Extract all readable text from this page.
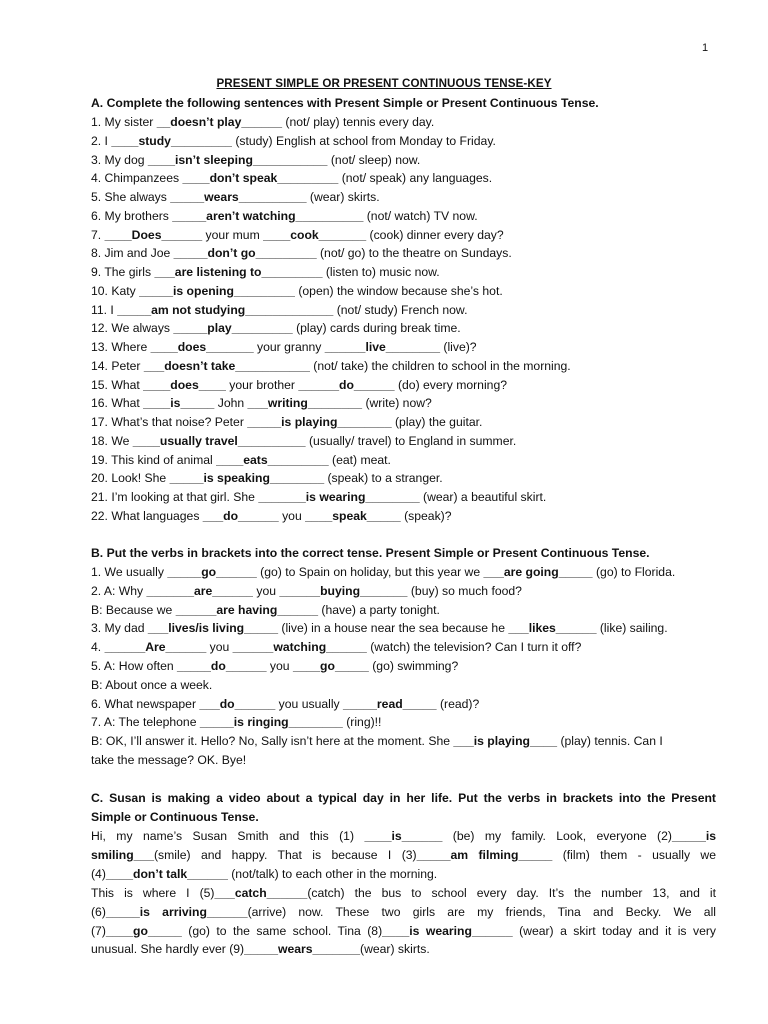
1
PRESENT SIMPLE OR PRESENT CONTINUOUS TENSE-KEY
A. Complete the following sentences with Present Simple or Present Continuous Tense.
1. My sister __doesn’t play______ (not/ play) tennis every day.
2. I ____study_________ (study) English at school from Monday to Friday.
3. My dog ____isn’t sleeping___________ (not/ sleep) now.
4. Chimpanzees ____don’t speak_________ (not/ speak) any languages.
5. She always _____wears__________ (wear) skirts.
6. My brothers _____aren’t watching__________ (not/ watch) TV now.
7. ____Does______ your mum ____cook_______ (cook) dinner every day?
8. Jim and Joe _____don’t go_________ (not/ go) to the theatre on Sundays.
9. The girls ___are listening to_________ (listen to) music now.
10. Katy _____is opening_________ (open) the window because she’s hot.
11. I _____am not studying_____________ (not/ study) French now.
12. We always _____play_________ (play) cards during break time.
13. Where ____does_______ your granny ______live________ (live)?
14. Peter ___doesn’t take___________ (not/ take) the children to school in the morning.
15. What ____does____ your brother ______do______ (do) every morning?
16. What ____is_____ John ___writing________ (write) now?
17. What’s that noise? Peter _____is playing________ (play) the guitar.
18. We ____usually travel__________ (usually/ travel) to England in summer.
19. This kind of animal ____eats_________ (eat) meat.
20. Look! She _____is speaking________ (speak) to a stranger.
21. I’m looking at that girl. She _______is wearing________ (wear) a beautiful skirt.
22. What languages ___do______ you ____speak_____ (speak)?
B. Put the verbs in brackets into the correct tense. Present Simple or Present Continuous Tense.
1. We usually _____go______ (go) to Spain on holiday, but this year we ___are going_____ (go) to Florida.
2. A: Why _______are______ you ______buying_______ (buy) so much food?
B: Because we ______are having______ (have) a party tonight.
3. My dad ___lives/is living_____ (live) in a house near the sea because he ___likes______ (like) sailing.
4. ______Are______ you ______watching______ (watch) the television? Can I turn it off?
5. A: How often _____do______ you ____go_____ (go) swimming?
B: About once a week.
6. What newspaper ___do______ you usually _____read_____ (read)?
7. A: The telephone _____is ringing________ (ring)!!
B: OK, I’ll answer it. Hello? No, Sally isn’t here at the moment. She ___is playing____ (play) tennis. Can I
take the message? OK. Bye!
C. Susan is making a video about a typical day in her life. Put the verbs in brackets into the Present
Simple or Continuous Tense.
Hi, my name’s Susan Smith and this (1) ____is______ (be) my family. Look, everyone (2)_____is
smiling___(smile) and happy. That is because I (3)_____am filming_____ (film) them - usually we
(4)____don’t talk______ (not/talk) to each other in the morning.
This is where I (5)___catch______(catch) the bus to school every day. It’s the number 13, and it
(6)_____is arriving______(arrive) now. These two girls are my friends, Tina and Becky. We all
(7)____go_____ (go) to the same school. Tina (8)____is wearing______ (wear) a skirt today and it is very
unusual. She hardly ever (9)_____wears_______(wear) skirts.
